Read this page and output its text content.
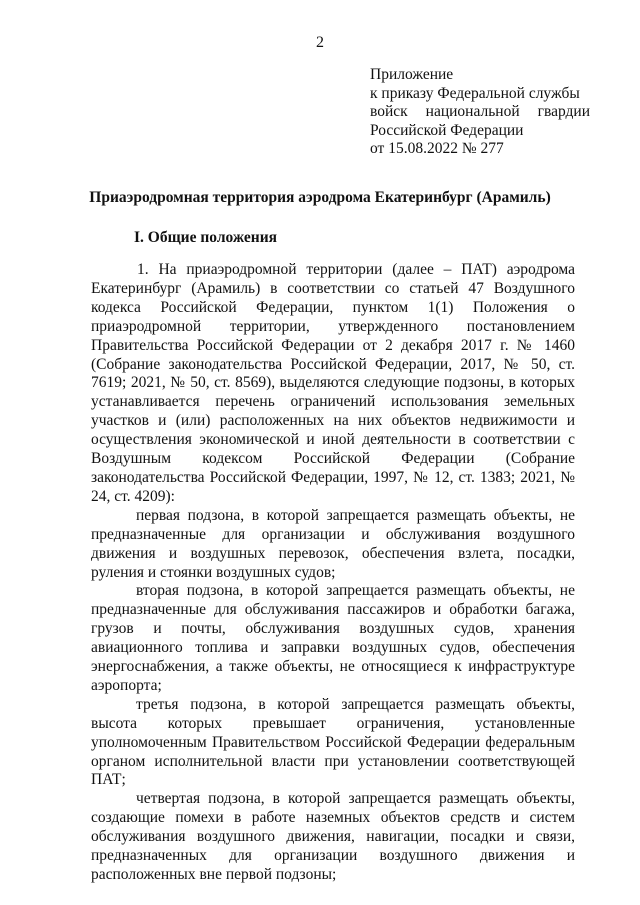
2
Приложение
к приказу Федеральной службы
войск национальной гвардии
Российской Федерации
от 15.08.2022 № 277
Приаэродромная территория аэродрома Екатеринбург (Арамиль)
I. Общие положения

1. На приаэродромной территории (далее – ПАТ) аэродрома Екатеринбург (Арамиль) в соответствии со статьей 47 Воздушного кодекса Российской Федерации, пунктом 1(1) Положения о приаэродромной территории, утвержденного постановлением Правительства Российской Федерации от 2 декабря 2017 г. № 1460 (Собрание законодательства Российской Федерации, 2017, № 50, ст. 7619; 2021, № 50, ст. 8569), выделяются следующие подзоны, в которых устанавливается перечень ограничений использования земельных участков и (или) расположенных на них объектов недвижимости и осуществления экономической и иной деятельности в соответствии с Воздушным кодексом Российской Федерации (Собрание законодательства Российской Федерации, 1997, № 12, ст. 1383; 2021, № 24, ст. 4209):

первая подзона, в которой запрещается размещать объекты, не предназначенные для организации и обслуживания воздушного движения и воздушных перевозок, обеспечения взлета, посадки, руления и стоянки воздушных судов;

вторая подзона, в которой запрещается размещать объекты, не предназначенные для обслуживания пассажиров и обработки багажа, грузов и почты, обслуживания воздушных судов, хранения авиационного топлива и заправки воздушных судов, обеспечения энергоснабжения, а также объекты, не относящиеся к инфраструктуре аэропорта;

третья подзона, в которой запрещается размещать объекты, высота которых превышает ограничения, установленные уполномоченным Правительством Российской Федерации федеральным органом исполнительной власти при установлении соответствующей ПАТ;

четвертая подзона, в которой запрещается размещать объекты, создающие помехи в работе наземных объектов средств и систем обслуживания воздушного движения, навигации, посадки и связи, предназначенных для организации воздушного движения и расположенных вне первой подзоны;
